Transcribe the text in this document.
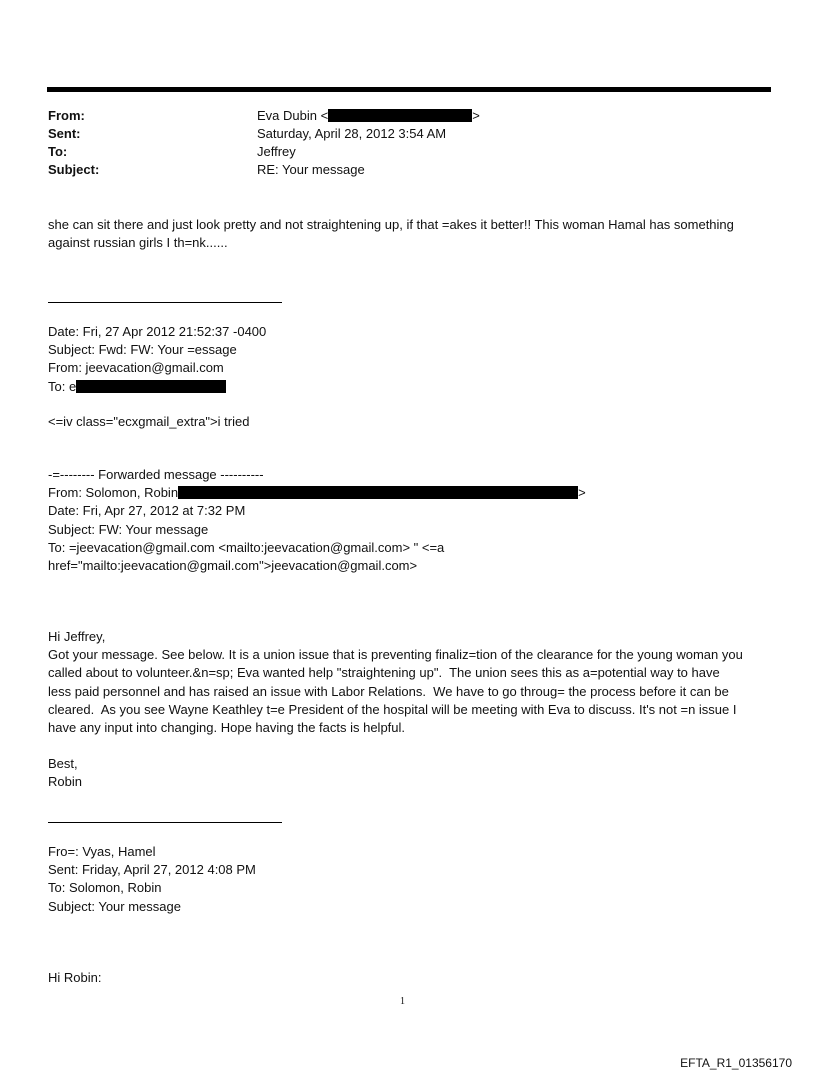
From:	Eva Dubin <	>
Sent:	Saturday, April 28, 2012 3:54 AM
To:	Jeffrey
Subject:	RE: Your message
she can sit there and just look pretty and not straightening up, if that =akes it better!! This woman Hamal has something
against russian girls I th=nk......
Date: Fri, 27 Apr 2012 21:52:37 -0400
Subject: Fwd: FW: Your =essage
From: jeevacation@gmail.com
To: e
<=iv class="ecxgmail_extra">i tried
-=-------- Forwarded message ----------
From: Solomon, Robin	>
Date: Fri, Apr 27, 2012 at 7:32 PM
Subject: FW: Your message
To: =jeevacation@gmail.com <mailto:jeevacation@gmail.com> " <=a
href="mailto:jeevacation@gmail.com">jeevacation@gmail.com>
Hi Jeffrey,
Got your message. See below. It is a union issue that is preventing finaliz=tion of the clearance for the young woman you
called about to volunteer.&n=sp; Eva wanted help "straightening up".  The union sees this as a=potential way to have
less paid personnel and has raised an issue with Labor Relations.  We have to go throug= the process before it can be
cleared.  As you see Wayne Keathley t=e President of the hospital will be meeting with Eva to discuss. It's not =n issue I
have any input into changing. Hope having the facts is helpful.
Best,
Robin
Fro=: Vyas, Hamel
Sent: Friday, April 27, 2012 4:08 PM
To: Solomon, Robin
Subject: Your message
Hi Robin:
1
EFTA_R1_01356170
